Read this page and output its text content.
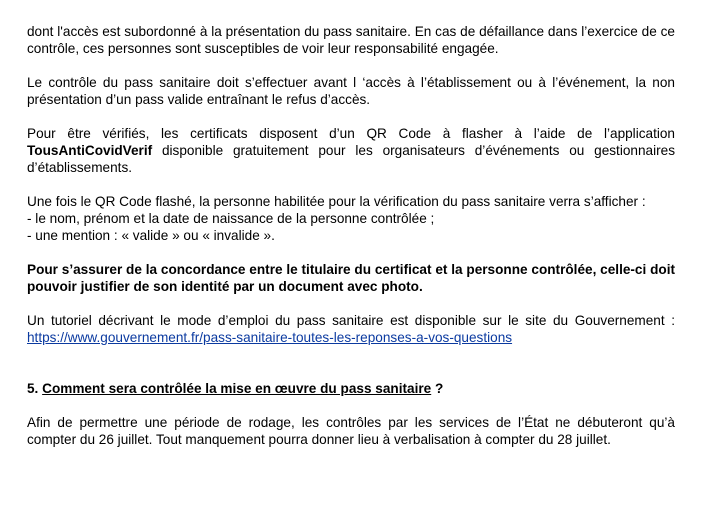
dont l'accès est subordonné à la présentation du pass sanitaire. En cas de défaillance dans l’exercice de ce contrôle, ces personnes sont susceptibles de voir leur responsabilité engagée.

Le contrôle du pass sanitaire doit s’effectuer avant l ‘accès à l’établissement ou à l’événement, la non présentation d’un pass valide entraînant le refus d’accès.

Pour être vérifiés, les certificats disposent d’un QR Code à flasher à l’aide de l’application TousAntiCovidVerif disponible gratuitement pour les organisateurs d’événements ou gestionnaires d’établissements.

Une fois le QR Code flashé, la personne habilitée pour la vérification du pass sanitaire verra s’afficher :
- le nom, prénom et la date de naissance de la personne contrôlée ;
- une mention : « valide » ou « invalide ».

Pour s’assurer de la concordance entre le titulaire du certificat et la personne contrôlée, celle-ci doit pouvoir justifier de son identité par un document avec photo.

Un tutoriel décrivant le mode d’emploi du pass sanitaire est disponible sur le site du Gouvernement : https://www.gouvernement.fr/pass-sanitaire-toutes-les-reponses-a-vos-questions

5. Comment sera contrôlée la mise en œuvre du pass sanitaire ?

Afin de permettre une période de rodage, les contrôles par les services de l’État ne débuteront qu’à compter du 26 juillet. Tout manquement pourra donner lieu à verbalisation à compter du 28 juillet.
